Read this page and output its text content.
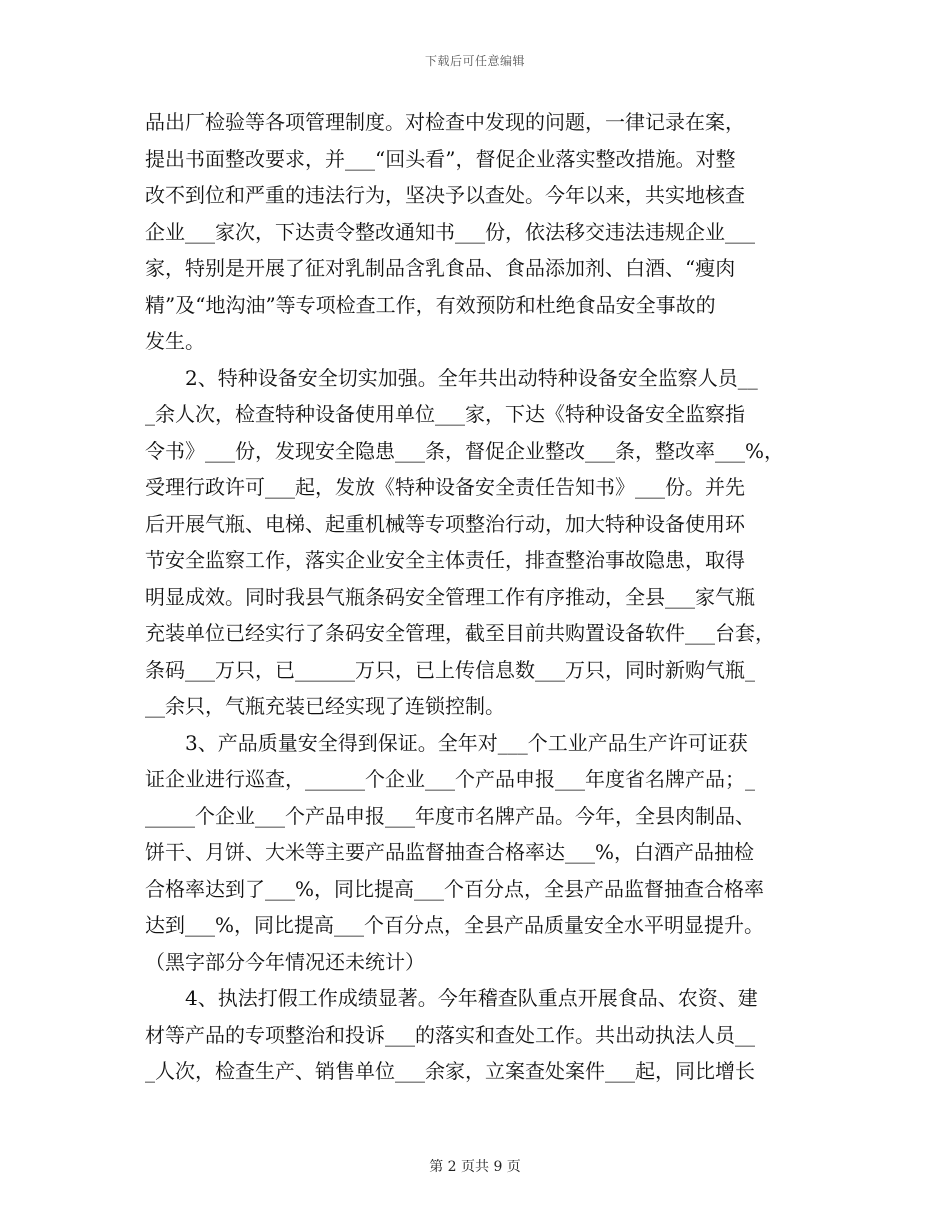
下载后可任意编辑
品出厂检验等各项管理制度。对检查中发现的问题，一律记录在案，
提出书面整改要求，并___“回头看”，督促企业落实整改措施。对整
改不到位和严重的违法行为，坚决予以查处。今年以来，共实地核查
企业___家次，下达责令整改通知书___份，依法移交违法违规企业___
家，特别是开展了征对乳制品含乳食品、食品添加剂、白酒、“瘦肉
精”及“地沟油”等专项检查工作，有效预防和杜绝食品安全事故的
发生。
　　2、特种设备安全切实加强。全年共出动特种设备安全监察人员__
_余人次，检查特种设备使用单位___家，下达《特种设备安全监察指
令书》___份，发现安全隐患___条，督促企业整改___条，整改率___%，
受理行政许可___起，发放《特种设备安全责任告知书》___份。并先
后开展气瓶、电梯、起重机械等专项整治行动，加大特种设备使用环
节安全监察工作，落实企业安全主体责任，排查整治事故隐患，取得
明显成效。同时我县气瓶条码安全管理工作有序推动，全县___家气瓶
充装单位已经实行了条码安全管理，截至目前共购置设备软件___台套，
条码___万只，已______万只，已上传信息数___万只，同时新购气瓶_
__余只，气瓶充装已经实现了连锁控制。
　　3、产品质量安全得到保证。全年对___个工业产品生产许可证获
证企业进行巡查，______个企业___个产品申报___年度省名牌产品；_
_____个企业___个产品申报___年度市名牌产品。今年，全县肉制品、
饼干、月饼、大米等主要产品监督抽查合格率达___%，白酒产品抽检
合格率达到了___%，同比提高___个百分点，全县产品监督抽查合格率
达到___%，同比提高___个百分点，全县产品质量安全水平明显提升。
（黑字部分今年情况还未统计）
　　4、执法打假工作成绩显著。今年稽查队重点开展食品、农资、建
材等产品的专项整治和投诉___的落实和查处工作。共出动执法人员__
_人次，检查生产、销售单位___余家，立案查处案件___起，同比增长
第 2 页共 9 页
